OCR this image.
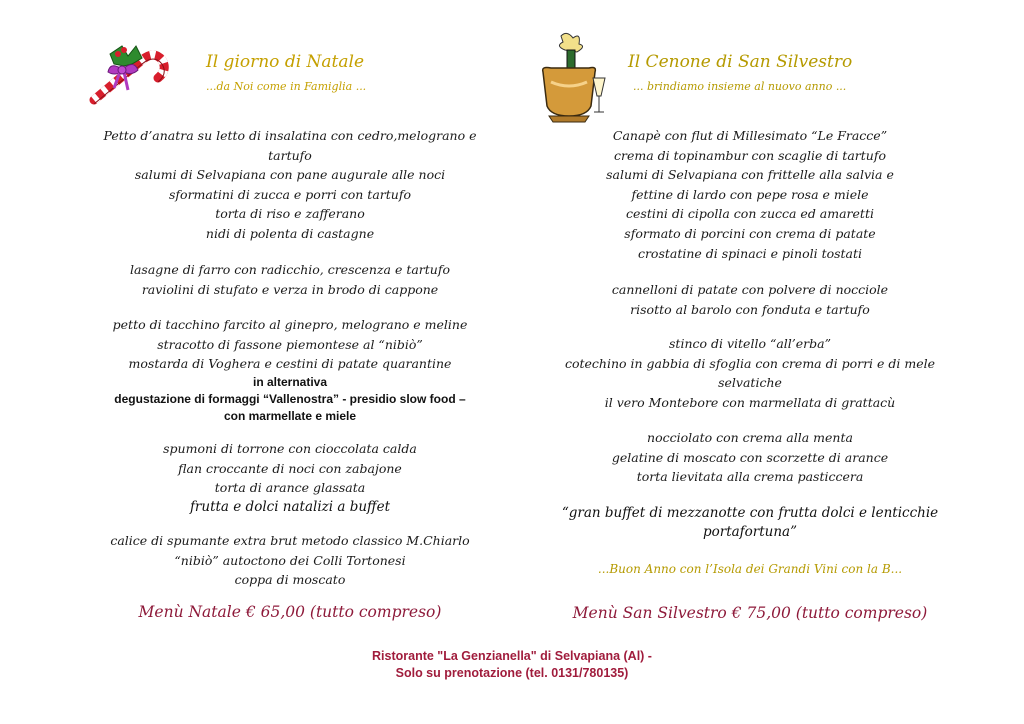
Il giorno di Natale
...da Noi come in Famiglia ...
Il Cenone di San Silvestro
... brindiamo insieme al nuovo anno ...
Petto d’anatra su letto di insalatina con cedro,melograno e
tartufo
salumi di Selvapiana con pane augurale alle noci
sformatini di zucca e porri con tartufo
torta di riso e zafferano
nidi di polenta di castagne
lasagne di farro con radicchio, crescenza e tartufo
raviolini di stufato e verza in brodo di cappone
petto di tacchino farcito al ginepro, melograno e meline
stracotto di fassone piemontese al “nibiò”
mostarda di Voghera e cestini di patate quarantine
in alternativa
degustazione di formaggi “Vallenostra” - presidio slow food –
con marmellate e miele
spumoni di torrone con cioccolata calda
flan croccante di noci con zabajone
torta di arance glassata
frutta e dolci natalizi a buffet
calice di spumante extra brut metodo classico M.Chiarlo
“nibiò” autoctono dei Colli Tortonesi
coppa di moscato
Menù Natale € 65,00 (tutto compreso)
Canapè con flut di Millesimato “Le Fracce”
crema di topinambur con scaglie di tartufo
salumi di Selvapiana con frittelle alla salvia e
fettine di lardo con pepe rosa e miele
cestini di cipolla con zucca ed amaretti
sformato di porcini con crema di patate
crostatine di spinaci e pinoli tostati
cannelloni di patate con polvere di nocciole
risotto al barolo con fonduta e tartufo
stinco di vitello “all’erba”
cotechino in gabbia di sfoglia con crema di porri e di mele
selvatiche
il vero Montebore con marmellata di grattacù
nocciolato con crema alla menta
gelatine di moscato con scorzette di arance
torta lievitata alla crema pasticcera
“gran buffet di mezzanotte con frutta dolci e lenticchie
portafortuna”
...Buon Anno con l’Isola dei Grandi Vini con la B...
Menù San Silvestro € 75,00 (tutto compreso)
Ristorante "La Genzianella" di Selvapiana (Al) -
Solo su prenotazione (tel. 0131/780135)
